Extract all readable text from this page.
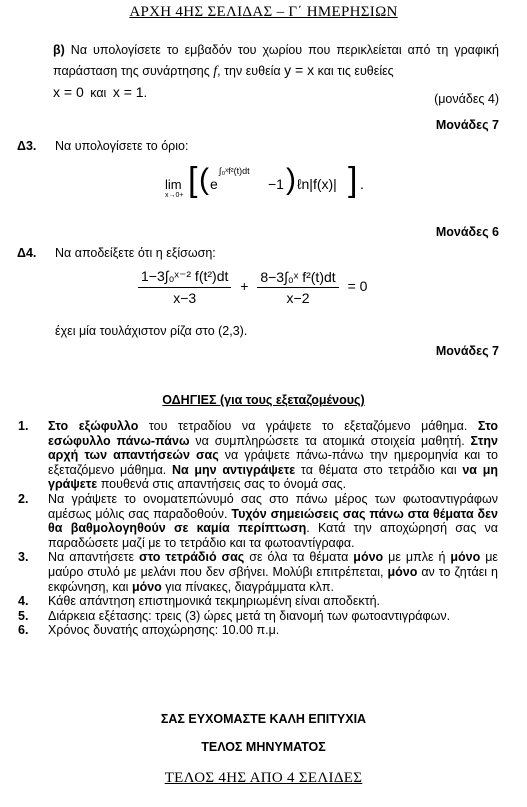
ΑΡΧΗ 4ΗΣ ΣΕΛΙΔΑΣ – Γ΄ ΗΜΕΡΗΣΙΩΝ
β) Να υπολογίσετε το εμβαδόν του χωρίου που περικλείεται από τη γραφική παράσταση της συνάρτησης f, την ευθεία y = x και τις ευθείες
x = 0 και x = 1.	(μονάδες 4)
Μονάδες 7
Δ3. Να υπολογίσετε το όριο:
lim
x→0+ [ ( e
∫₀ˣf²(t)dt
−1 ) ℓn|f(x)| ] .
Μονάδες 6
Δ4. Να αποδείξετε ότι η εξίσωση:
$\frac{\text{1−3∫₀ˣ⁻² f(t²)dt}}{x-3} + \frac{\text{8−3∫₀ˣ f²(t)dt}}{x-2} = 0$
έχει μία τουλάχιστον ρίζα στο (2,3).
Μονάδες 7
ΟΔΗΓΙΕΣ (για τους εξεταζομένους)
1. Στο εξώφυλλο του τετραδίου να γράψετε το εξεταζόμενο μάθημα. Στο εσώφυλλο πάνω-πάνω να συμπληρώσετε τα ατομικά στοιχεία μαθητή. Στην αρχή των απαντήσεών σας να γράψετε πάνω-πάνω την ημερομηνία και το εξεταζόμενο μάθημα. Να μην αντιγράψετε τα θέματα στο τετράδιο και να μη γράψετε πουθενά στις απαντήσεις σας το όνομά σας.
2. Να γράψετε το ονοματεπώνυμό σας στο πάνω μέρος των φωτοαντιγράφων αμέσως μόλις σας παραδοθούν. Τυχόν σημειώσεις σας πάνω στα θέματα δεν θα βαθμολογηθούν σε καμία περίπτωση. Κατά την αποχώρησή σας να παραδώσετε μαζί με το τετράδιο και τα φωτοαντίγραφα.
3. Να απαντήσετε στο τετράδιό σας σε όλα τα θέματα μόνο με μπλε ή μόνο με μαύρο στυλό με μελάνι που δεν σβήνει. Μολύβι επιτρέπεται, μόνο αν το ζητάει η εκφώνηση, και μόνο για πίνακες, διαγράμματα κλπ.
4. Κάθε απάντηση επιστημονικά τεκμηριωμένη είναι αποδεκτή.
5. Διάρκεια εξέτασης: τρεις (3) ώρες μετά τη διανομή των φωτοαντιγράφων.
6. Χρόνος δυνατής αποχώρησης: 10.00 π.μ.
ΣΑΣ ΕΥΧΟΜΑΣΤΕ ΚΑΛΗ ΕΠΙΤΥΧΙΑ
ΤΕΛΟΣ ΜΗΝΥΜΑΤΟΣ
ΤΕΛΟΣ 4ΗΣ ΑΠΟ 4 ΣΕΛΙΔΕΣ
